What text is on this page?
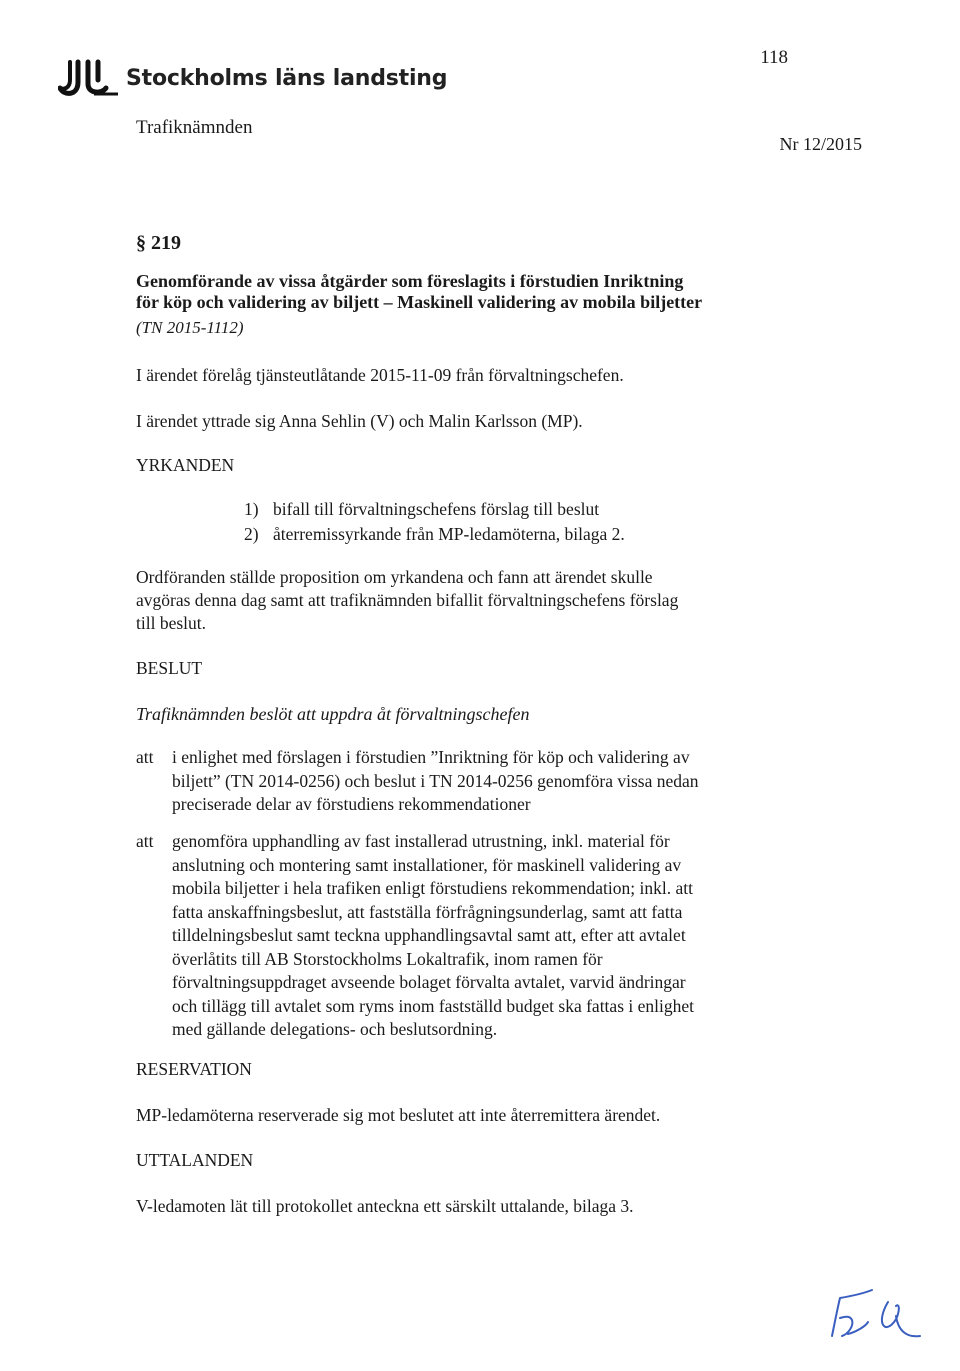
Stockholms läns landsting
118
Trafiknämnden
Nr 12/2015
§ 219
Genomförande av vissa åtgärder som föreslagits i förstudien Inriktning
för köp och validering av biljett – Maskinell validering av mobila biljetter
(TN 2015-1112)
I ärendet förelåg tjänsteutlåtande 2015-11-09 från förvaltningschefen.
I ärendet yttrade sig Anna Sehlin (V) och Malin Karlsson (MP).
YRKANDEN
1) bifall till förvaltningschefens förslag till beslut
2) återremissyrkande från MP-ledamöterna, bilaga 2.
Ordföranden ställde proposition om yrkandena och fann att ärendet skulle
avgöras denna dag samt att trafiknämnden bifallit förvaltningschefens förslag
till beslut.
BESLUT
Trafiknämnden beslöt att uppdra åt förvaltningschefen
att	i enlighet med förslagen i förstudien ”Inriktning för köp och validering av
biljett” (TN 2014-0256) och beslut i TN 2014-0256 genomföra vissa nedan
preciserade delar av förstudiens rekommendationer
att	genomföra upphandling av fast installerad utrustning, inkl. material för
anslutning och montering samt installationer, för maskinell validering av
mobila biljetter i hela trafiken enligt förstudiens rekommendation; inkl. att
fatta anskaffningsbeslut, att fastställa förfrågningsunderlag, samt att fatta
tilldelningsbeslut samt teckna upphandlingsavtal samt att, efter att avtalet
överlåtits till AB Storstockholms Lokaltrafik, inom ramen för
förvaltningsuppdraget avseende bolaget förvalta avtalet, varvid ändringar
och tillägg till avtalet som ryms inom fastställd budget ska fattas i enlighet
med gällande delegations- och beslutsordning.
RESERVATION
MP-ledamöterna reserverade sig mot beslutet att inte återremittera ärendet.
UTTALANDEN
V-ledamoten lät till protokollet anteckna ett särskilt uttalande, bilaga 3.
